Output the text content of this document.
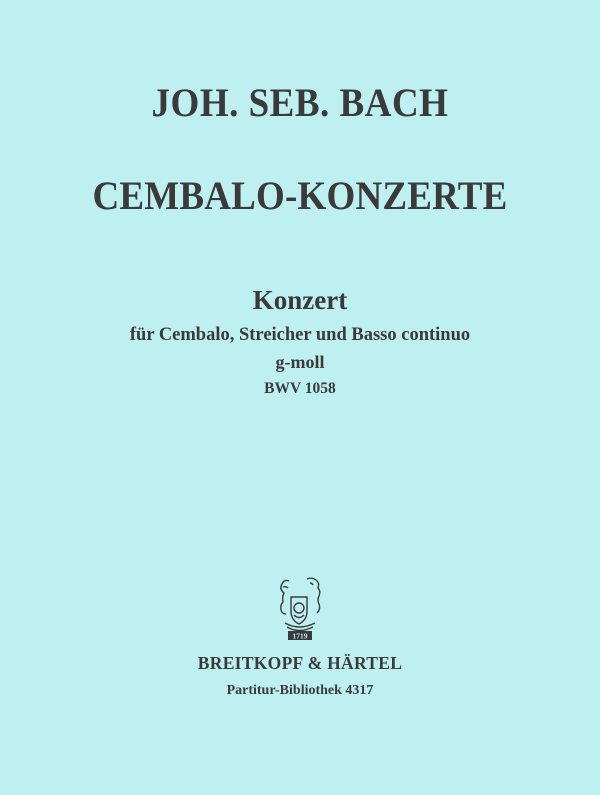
JOH. SEB. BACH
CEMBALO-KONZERTE
Konzert
für Cembalo, Streicher und Basso continuo
g-moll
BWV 1058
1719
BREITKOPF & HÄRTEL
Partitur-Bibliothek 4317
